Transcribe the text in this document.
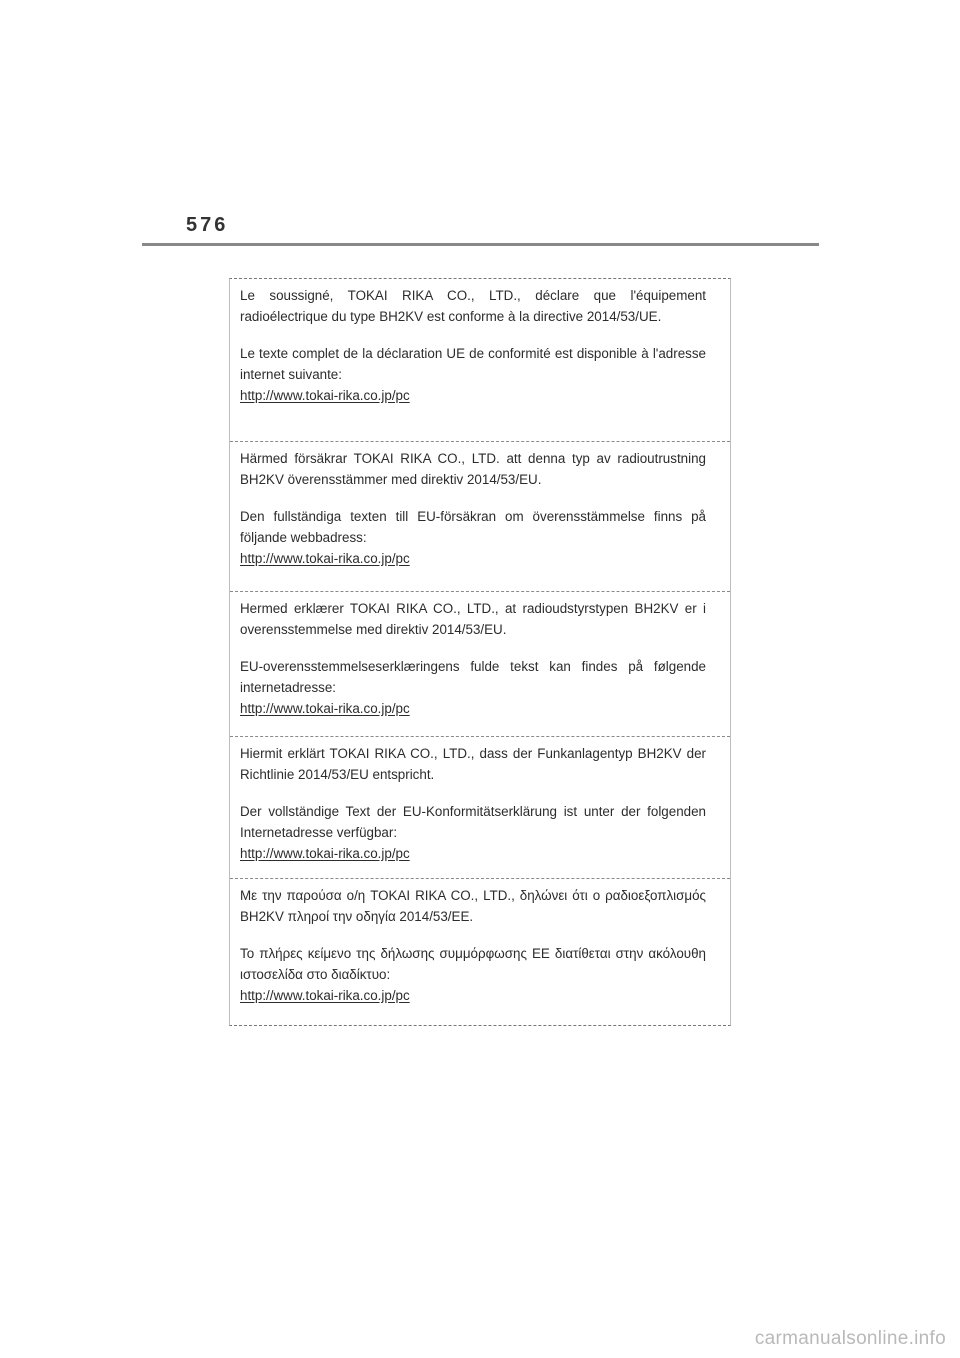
576

Le soussigné, TOKAI RIKA CO., LTD., déclare que l'équipement radioélectrique du type BH2KV est conforme à la directive 2014/53/UE.

Le texte complet de la déclaration UE de conformité est disponible à l'adresse internet suivante:
http://www.tokai-rika.co.jp/pc

Härmed försäkrar TOKAI RIKA CO., LTD. att denna typ av radioutrustning BH2KV överensstämmer med direktiv 2014/53/EU.

Den fullständiga texten till EU-försäkran om överensstämmelse finns på följande webbadress:
http://www.tokai-rika.co.jp/pc

Hermed erklærer TOKAI RIKA CO., LTD., at radioudstyrstypen BH2KV er i overensstemmelse med direktiv 2014/53/EU.

EU-overensstemmelseserklæringens fulde tekst kan findes på følgende internetadresse:
http://www.tokai-rika.co.jp/pc

Hiermit erklärt TOKAI RIKA CO., LTD., dass der Funkanlagentyp BH2KV der Richtlinie 2014/53/EU entspricht.

Der vollständige Text der EU-Konformitätserklärung ist unter der folgenden Internetadresse verfügbar:
http://www.tokai-rika.co.jp/pc

Με την παρούσα ο/η TOKAI RIKA CO., LTD., δηλώνει ότι ο ραδιοεξοπλισμός BH2KV πληροί την οδηγία 2014/53/ΕΕ.

Το πλήρες κείμενο της δήλωσης συμμόρφωσης ΕΕ διατίθεται στην ακόλουθη ιστοσελίδα στο διαδίκτυο:
http://www.tokai-rika.co.jp/pc

carmanualsonline.info
